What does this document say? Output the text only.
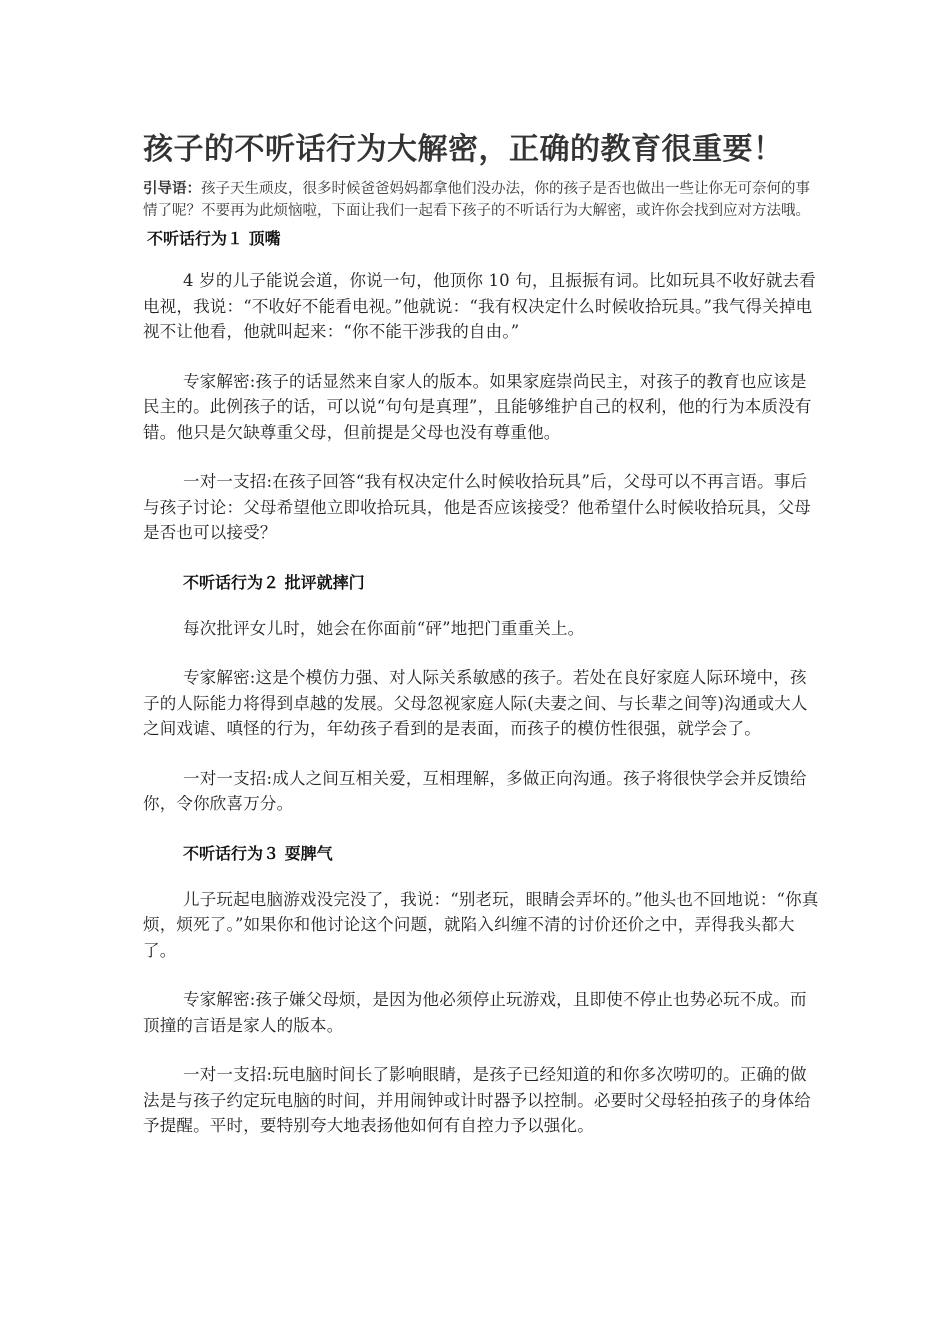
孩子的不听话行为大解密，正确的教育很重要！

引导语：孩子天生顽皮，很多时候爸爸妈妈都拿他们没办法，你的孩子是否也做出一些让你无可奈何的事情了呢？不要再为此烦恼啦，下面让我们一起看下孩子的不听话行为大解密，或许你会找到应对方法哦。

不听话行为１ 顶嘴

4 岁的儿子能说会道，你说一句，他顶你 10 句，且振振有词。比如玩具不收好就去看电视，我说：“不收好不能看电视。”他就说：“我有权决定什么时候收拾玩具。”我气得关掉电视不让他看，他就叫起来：“你不能干涉我的自由。”

专家解密:孩子的话显然来自家人的版本。如果家庭崇尚民主，对孩子的教育也应该是民主的。此例孩子的话，可以说“句句是真理”，且能够维护自己的权利，他的行为本质没有错。他只是欠缺尊重父母，但前提是父母也没有尊重他。

一对一支招:在孩子回答“我有权决定什么时候收拾玩具”后，父母可以不再言语。事后与孩子讨论：父母希望他立即收拾玩具，他是否应该接受？他希望什么时候收拾玩具，父母是否也可以接受？

不听话行为２ 批评就摔门

每次批评女儿时，她会在你面前“砰”地把门重重关上。

专家解密:这是个模仿力强、对人际关系敏感的孩子。若处在良好家庭人际环境中，孩子的人际能力将得到卓越的发展。父母忽视家庭人际(夫妻之间、与长辈之间等)沟通或大人之间戏谑、嗔怪的行为，年幼孩子看到的是表面，而孩子的模仿性很强，就学会了。

一对一支招:成人之间互相关爱，互相理解，多做正向沟通。孩子将很快学会并反馈给你，令你欣喜万分。

不听话行为３ 耍脾气

儿子玩起电脑游戏没完没了，我说：“别老玩，眼睛会弄坏的。”他头也不回地说：“你真烦，烦死了。”如果你和他讨论这个问题，就陷入纠缠不清的讨价还价之中，弄得我头都大了。

专家解密:孩子嫌父母烦，是因为他必须停止玩游戏，且即使不停止也势必玩不成。而顶撞的言语是家人的版本。

一对一支招:玩电脑时间长了影响眼睛，是孩子已经知道的和你多次唠叨的。正确的做法是与孩子约定玩电脑的时间，并用闹钟或计时器予以控制。必要时父母轻拍孩子的身体给予提醒。平时，要特别夸大地表扬他如何有自控力予以强化。
